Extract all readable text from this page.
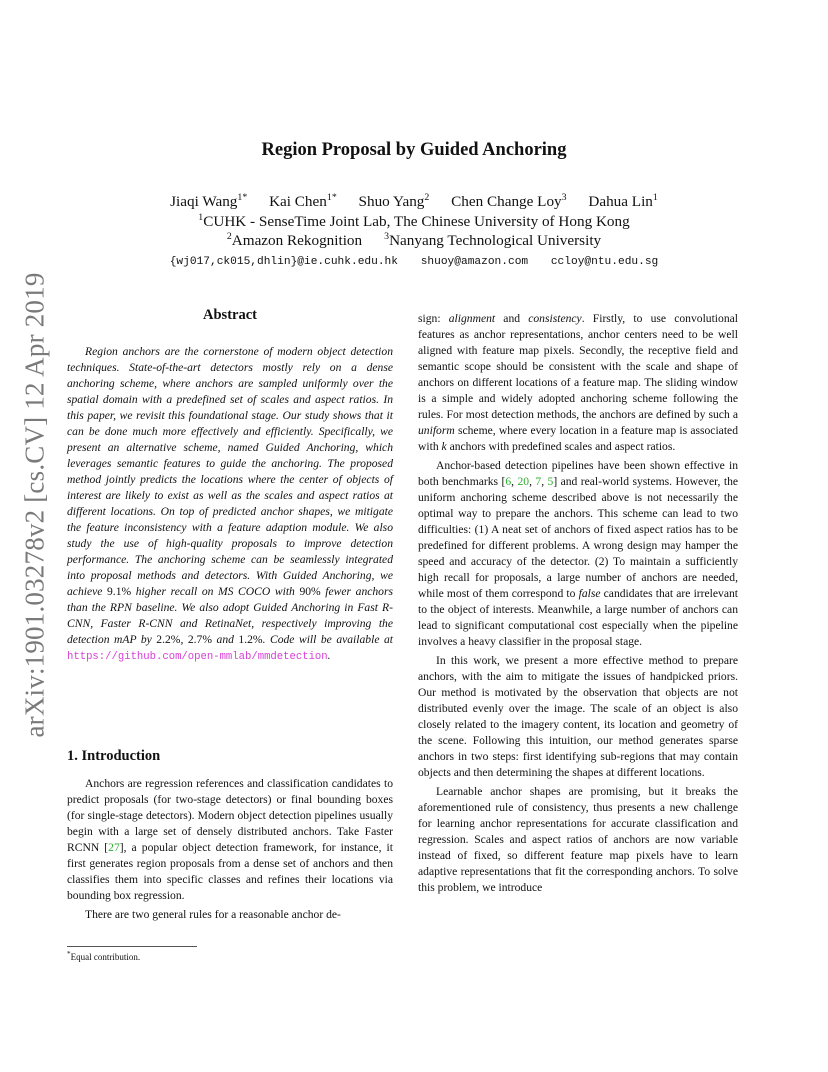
arXiv:1901.03278v2 [cs.CV] 12 Apr 2019
Region Proposal by Guided Anchoring
Jiaqi Wang$^{1*}$ Kai Chen$^{1*}$ Shuo Yang$^2$ Chen Change Loy$^3$ Dahua Lin$^1$
$^1$CUHK - SenseTime Joint Lab, The Chinese University of Hong Kong
$^2$Amazon Rekognition $^3$Nanyang Technological University
{wj017,ck015,dhlin}@ie.cuhk.edu.hk shuoy@amazon.com ccloy@ntu.edu.sg
Abstract

Region anchors are the cornerstone of modern object detection techniques. State-of-the-art detectors mostly rely on a dense anchoring scheme, where anchors are sampled uniformly over the spatial domain with a predefined set of scales and aspect ratios. In this paper, we revisit this foundational stage. Our study shows that it can be done much more effectively and efficiently. Specifically, we present an alternative scheme, named Guided Anchoring, which leverages semantic features to guide the anchoring. The proposed method jointly predicts the locations where the center of objects of interest are likely to exist as well as the scales and aspect ratios at different locations. On top of predicted anchor shapes, we mitigate the feature inconsistency with a feature adaption module. We also study the use of high-quality proposals to improve detection performance. The anchoring scheme can be seamlessly integrated into proposal methods and detectors. With Guided Anchoring, we achieve 9.1% higher recall on MS COCO with 90% fewer anchors than the RPN baseline. We also adopt Guided Anchoring in Fast R-CNN, Faster R-CNN and RetinaNet, respectively improving the detection mAP by 2.2%, 2.7% and 1.2%. Code will be available at https://github.com/open-mmlab/mmdetection.

1. Introduction

Anchors are regression references and classification candidates to predict proposals (for two-stage detectors) or final bounding boxes (for single-stage detectors). Modern object detection pipelines usually begin with a large set of densely distributed anchors. Take Faster RCNN [27], a popular object detection framework, for instance, it first generates region proposals from a dense set of anchors and then classifies them into specific classes and refines their locations via bounding box regression.

There are two general rules for a reasonable anchor de-

*Equal contribution.

sign: alignment and consistency. Firstly, to use convolutional features as anchor representations, anchor centers need to be well aligned with feature map pixels. Secondly, the receptive field and semantic scope should be consistent with the scale and shape of anchors on different locations of a feature map. The sliding window is a simple and widely adopted anchoring scheme following the rules. For most detection methods, the anchors are defined by such a uniform scheme, where every location in a feature map is associated with k anchors with predefined scales and aspect ratios.

Anchor-based detection pipelines have been shown effective in both benchmarks [6, 20, 7, 5] and real-world systems. However, the uniform anchoring scheme described above is not necessarily the optimal way to prepare the anchors. This scheme can lead to two difficulties: (1) A neat set of anchors of fixed aspect ratios has to be predefined for different problems. A wrong design may hamper the speed and accuracy of the detector. (2) To maintain a sufficiently high recall for proposals, a large number of anchors are needed, while most of them correspond to false candidates that are irrelevant to the object of interests. Meanwhile, a large number of anchors can lead to significant computational cost especially when the pipeline involves a heavy classifier in the proposal stage.

In this work, we present a more effective method to prepare anchors, with the aim to mitigate the issues of handpicked priors. Our method is motivated by the observation that objects are not distributed evenly over the image. The scale of an object is also closely related to the imagery content, its location and geometry of the scene. Following this intuition, our method generates sparse anchors in two steps: first identifying sub-regions that may contain objects and then determining the shapes at different locations.

Learnable anchor shapes are promising, but it breaks the aforementioned rule of consistency, thus presents a new challenge for learning anchor representations for accurate classification and regression. Scales and aspect ratios of anchors are now variable instead of fixed, so different feature map pixels have to learn adaptive representations that fit the corresponding anchors. To solve this problem, we introduce
